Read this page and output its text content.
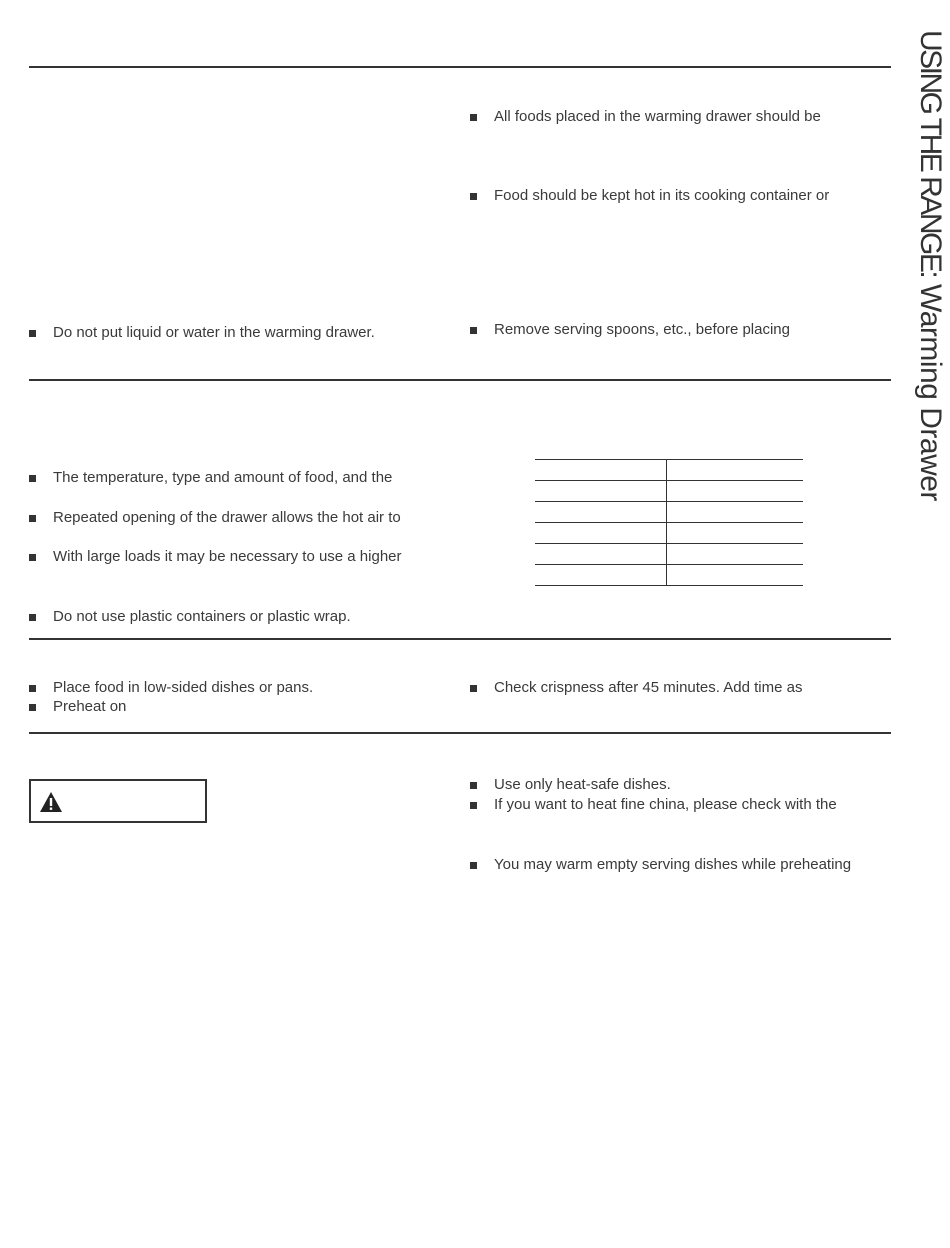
USING THE RANGE: Warming Drawer
All foods placed in the warming drawer should be
Food should be kept hot in its cooking container or
Do not put liquid or water in the warming drawer.	Remove serving spoons, etc., before placing

The temperature, type and amount of food, and the
Repeated opening of the drawer allows the hot air to
With large loads it may be necessary to use a higher
Do not use plastic containers or plastic wrap.
Place food in low-sided dishes or pans.
Preheat on
Check crispness after 45 minutes. Add time as
Use only heat-safe dishes.
If you want to heat fine china, please check with the
You may warm empty serving dishes while preheating
